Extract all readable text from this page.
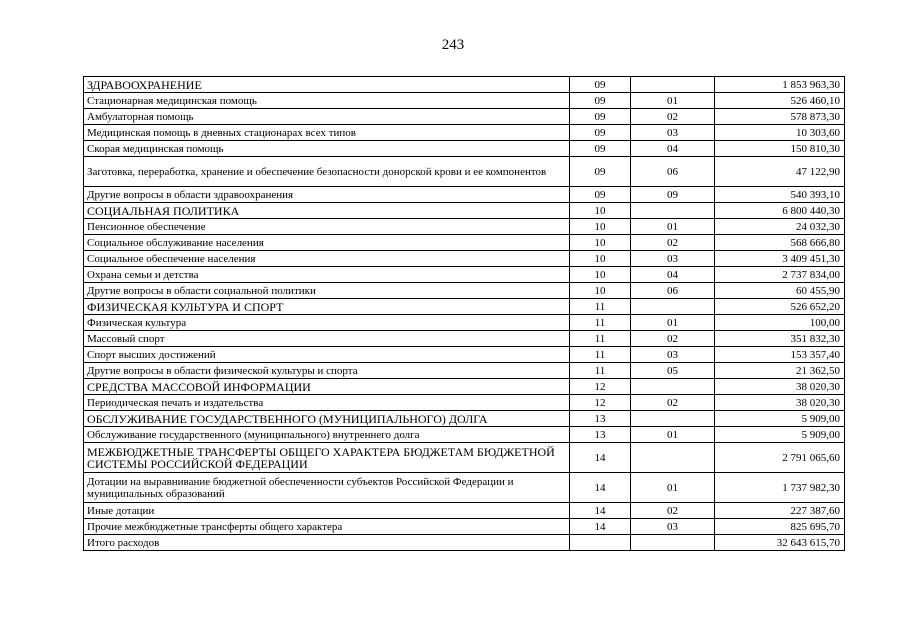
243
ЗДРАВООХРАНЕНИЕ	09		1 853 963,30
Стационарная медицинская помощь	09	01	526 460,10
Амбулаторная помощь	09	02	578 873,30
Медицинская помощь в дневных стационарах всех типов	09	03	10 303,60
Скорая медицинская помощь	09	04	150 810,30
Заготовка, переработка, хранение и обеспечение безопасности донорской крови и ее компонентов	09	06	47 122,90
Другие вопросы в области здравоохранения	09	09	540 393,10
СОЦИАЛЬНАЯ ПОЛИТИКА	10		6 800 440,30
Пенсионное обеспечение	10	01	24 032,30
Социальное обслуживание населения	10	02	568 666,80
Социальное обеспечение населения	10	03	3 409 451,30
Охрана семьи и детства	10	04	2 737 834,00
Другие вопросы в области социальной политики	10	06	60 455,90
ФИЗИЧЕСКАЯ КУЛЬТУРА И СПОРТ	11		526 652,20
Физическая культура	11	01	100,00
Массовый спорт	11	02	351 832,30
Спорт высших достижений	11	03	153 357,40
Другие вопросы в области физической культуры и спорта	11	05	21 362,50
СРЕДСТВА МАССОВОЙ ИНФОРМАЦИИ	12		38 020,30
Периодическая печать и издательства	12	02	38 020,30
ОБСЛУЖИВАНИЕ ГОСУДАРСТВЕННОГО (МУНИЦИПАЛЬНОГО) ДОЛГА	13		5 909,00
Обслуживание государственного (муниципального) внутреннего долга	13	01	5 909,00
МЕЖБЮДЖЕТНЫЕ ТРАНСФЕРТЫ ОБЩЕГО ХАРАКТЕРА БЮДЖЕТАМ БЮДЖЕТНОЙ СИСТЕМЫ РОССИЙСКОЙ ФЕДЕРАЦИИ	14		2 791 065,60
Дотации на выравнивание бюджетной обеспеченности субъектов Российской Федерации и муниципальных образований	14	01	1 737 982,30
Иные дотации	14	02	227 387,60
Прочие межбюджетные трансферты общего характера	14	03	825 695,70
Итого расходов			32 643 615,70
